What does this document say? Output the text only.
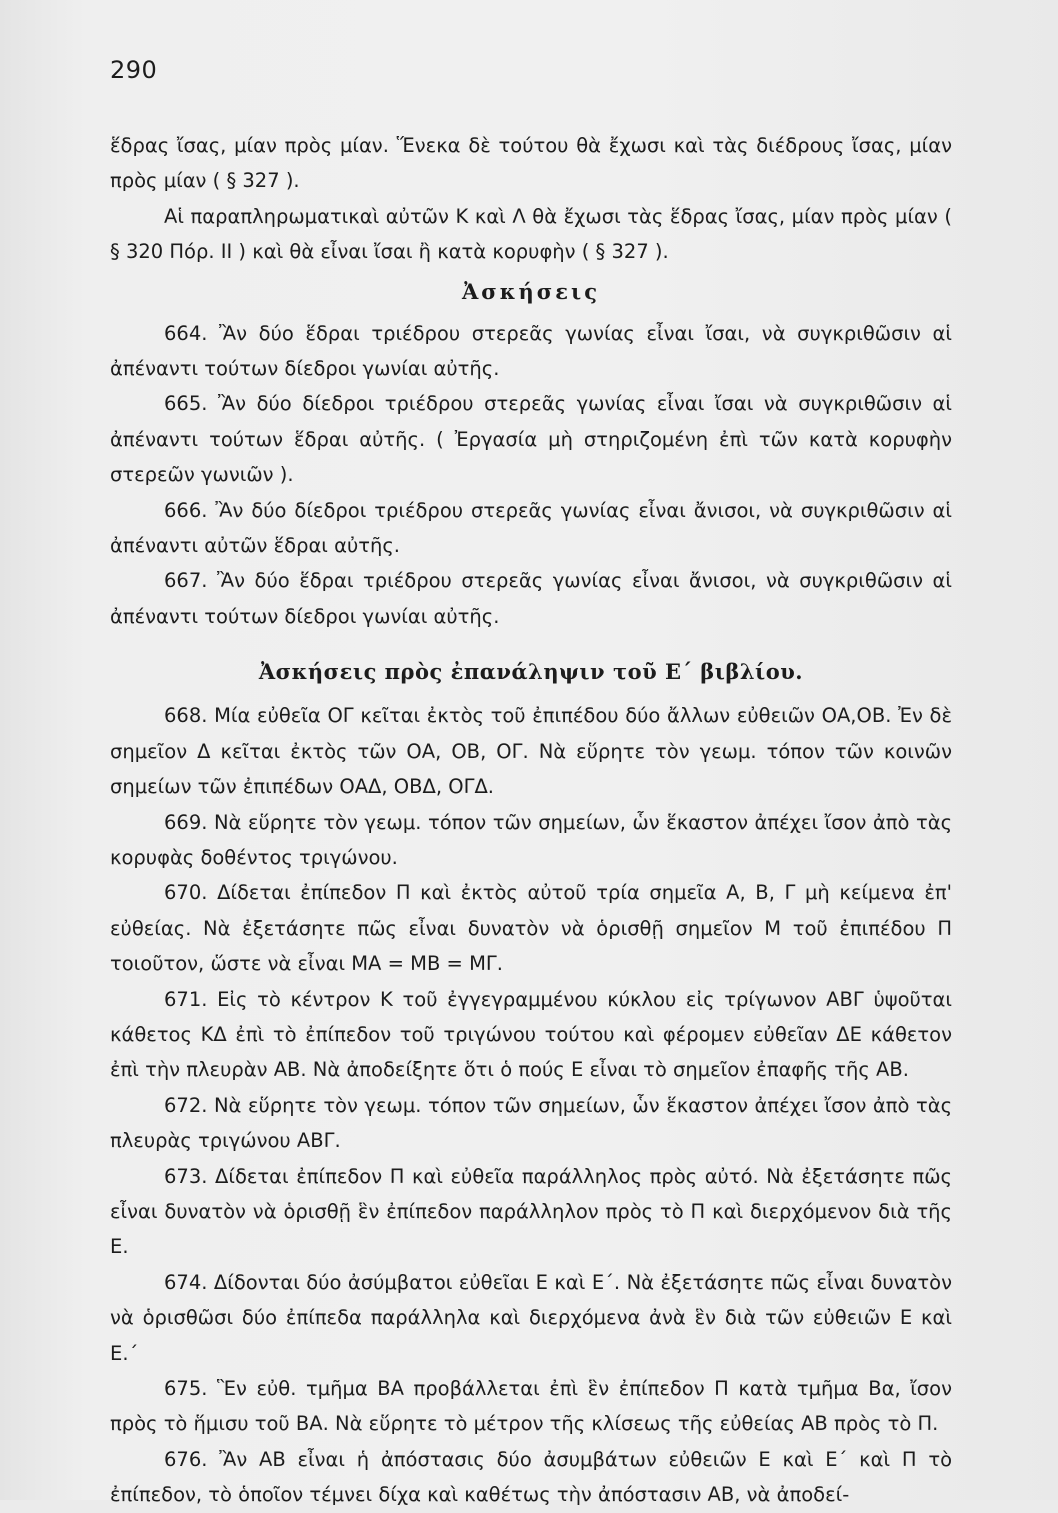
290

ἕδρας ἴσας, μίαν πρὸς μίαν. Ἕνεκα δὲ τούτου θὰ ἔχωσι καὶ τὰς διέδρους ἴσας, μίαν πρὸς μίαν ( § 327 ).

Αἱ παραπληρωματικαὶ αὐτῶν Κ καὶ Λ θὰ ἔχωσι τὰς ἕδρας ἴσας, μίαν πρὸς μίαν ( § 320 Πόρ. II ) καὶ θὰ εἶναι ἴσαι ἢ κατὰ κορυφὴν ( § 327 ).

Ἀσκήσεις

664. Ἂν δύο ἕδραι τριέδρου στερεᾶς γωνίας εἶναι ἴσαι, νὰ συγκριθῶσιν αἱ ἀπέναντι τούτων δίεδροι γωνίαι αὐτῆς.

665. Ἂν δύο δίεδροι τριέδρου στερεᾶς γωνίας εἶναι ἴσαι νὰ συγκριθῶσιν αἱ ἀπέναντι τούτων ἕδραι αὐτῆς. ( Ἐργασία μὴ στηριζομένη ἐπὶ τῶν κατὰ κορυφὴν στερεῶν γωνιῶν ).

666. Ἂν δύο δίεδροι τριέδρου στερεᾶς γωνίας εἶναι ἄνισοι, νὰ συγκριθῶσιν αἱ ἀπέναντι αὐτῶν ἕδραι αὐτῆς.

667. Ἂν δύο ἕδραι τριέδρου στερεᾶς γωνίας εἶναι ἄνισοι, νὰ συγκριθῶσιν αἱ ἀπέναντι τούτων δίεδροι γωνίαι αὐτῆς.

Ἀσκήσεις πρὸς ἐπανάληψιν τοῦ Ε΄ βιβλίου.

668. Μία εὐθεῖα ΟΓ κεῖται ἐκτὸς τοῦ ἐπιπέδου δύο ἄλλων εὐθειῶν ΟΑ,ΟΒ. Ἐν δὲ σημεῖον Δ κεῖται ἐκτὸς τῶν ΟΑ, ΟΒ, ΟΓ. Νὰ εὕρητε τὸν γεωμ. τόπον τῶν κοινῶν σημείων τῶν ἐπιπέδων ΟΑΔ, ΟΒΔ, ΟΓΔ.

669. Νὰ εὕρητε τὸν γεωμ. τόπον τῶν σημείων, ὧν ἕκαστον ἀπέχει ἴσον ἀπὸ τὰς κορυφὰς δοθέντος τριγώνου.

670. Δίδεται ἐπίπεδον Π καὶ ἐκτὸς αὐτοῦ τρία σημεῖα Α, Β, Γ μὴ κείμενα ἐπ' εὐθείας. Νὰ ἐξετάσητε πῶς εἶναι δυνατὸν νὰ ὁρισθῇ σημεῖον Μ τοῦ ἐπιπέδου Π τοιοῦτον, ὥστε νὰ εἶναι ΜΑ = ΜΒ = ΜΓ.

671. Εἰς τὸ κέντρον Κ τοῦ ἐγγεγραμμένου κύκλου εἰς τρίγωνον ΑΒΓ ὑψοῦται κάθετος ΚΔ ἐπὶ τὸ ἐπίπεδον τοῦ τριγώνου τούτου καὶ φέρομεν εὐθεῖαν ΔΕ κάθετον ἐπὶ τὴν πλευρὰν ΑΒ. Νὰ ἀποδείξητε ὅτι ὁ πούς Ε εἶναι τὸ σημεῖον ἐπαφῆς τῆς ΑΒ.

672. Νὰ εὕρητε τὸν γεωμ. τόπον τῶν σημείων, ὧν ἕκαστον ἀπέχει ἴσον ἀπὸ τὰς πλευρὰς τριγώνου ΑΒΓ.

673. Δίδεται ἐπίπεδον Π καὶ εὐθεῖα παράλληλος πρὸς αὐτό. Νὰ ἐξετάσητε πῶς εἶναι δυνατὸν νὰ ὁρισθῇ ἓν ἐπίπεδον παράλληλον πρὸς τὸ Π καὶ διερχόμενον διὰ τῆς Ε.

674. Δίδονται δύο ἀσύμβατοι εὐθεῖαι Ε καὶ Ε΄. Νὰ ἐξετάσητε πῶς εἶναι δυνατὸν νὰ ὁρισθῶσι δύο ἐπίπεδα παράλληλα καὶ διερχόμενα ἀνὰ ἓν διὰ τῶν εὐθειῶν Ε καὶ Ε.΄

675. Ἓν εὐθ. τμῆμα ΒΑ προβάλλεται ἐπὶ ἓν ἐπίπεδον Π κατὰ τμῆμα Βα, ἴσον πρὸς τὸ ἥμισυ τοῦ ΒΑ. Νὰ εὕρητε τὸ μέτρον τῆς κλίσεως τῆς εὐθείας ΑΒ πρὸς τὸ Π.

676. Ἂν ΑΒ εἶναι ἡ ἀπόστασις δύο ἀσυμβάτων εὐθειῶν Ε καὶ Ε΄ καὶ Π τὸ ἐπίπεδον, τὸ ὁποῖον τέμνει δίχα καὶ καθέτως τὴν ἀπόστασιν ΑΒ, νὰ ἀποδεί-
